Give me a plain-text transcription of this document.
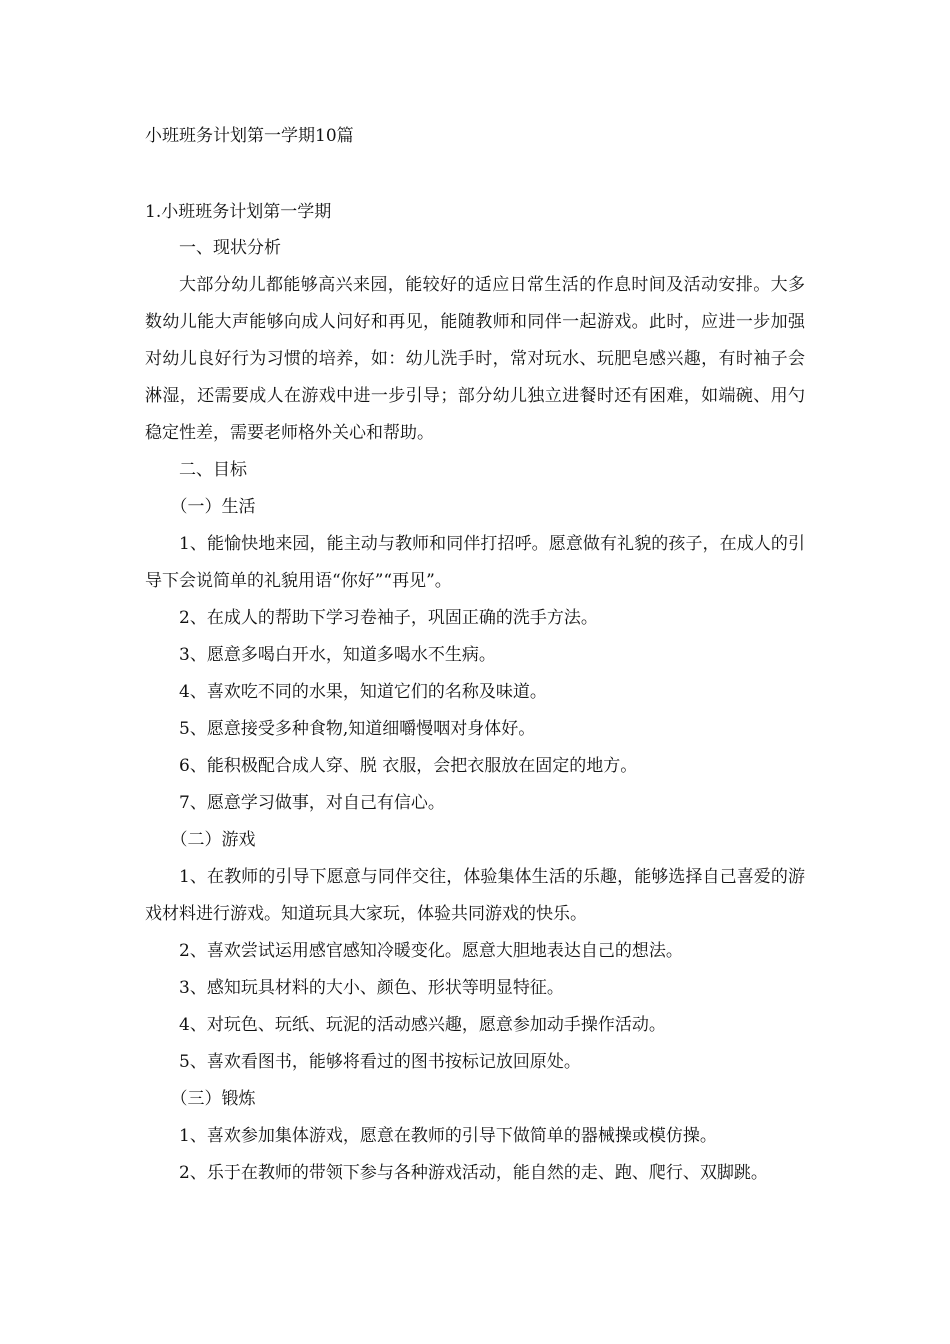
小班班务计划第一学期10篇
1.小班班务计划第一学期

一、现状分析

大部分幼儿都能够高兴来园，能较好的适应日常生活的作息时间及活动安排。大多数幼儿能大声能够向成人问好和再见，能随教师和同伴一起游戏。此时，应进一步加强对幼儿良好行为习惯的培养，如：幼儿洗手时，常对玩水、玩肥皂感兴趣，有时袖子会淋湿，还需要成人在游戏中进一步引导；部分幼儿独立进餐时还有困难，如端碗、用勺稳定性差，需要老师格外关心和帮助。

二、目标

（一）生活

1、能愉快地来园，能主动与教师和同伴打招呼。愿意做有礼貌的孩子，在成人的引导下会说简单的礼貌用语“你好”“再见”。

2、在成人的帮助下学习卷袖子，巩固正确的洗手方法。

3、愿意多喝白开水，知道多喝水不生病。

4、喜欢吃不同的水果，知道它们的名称及味道。

5、愿意接受多种食物,知道细嚼慢咽对身体好。

6、能积极配合成人穿、脱 衣服，会把衣服放在固定的地方。

7、愿意学习做事，对自己有信心。

（二）游戏

1、在教师的引导下愿意与同伴交往，体验集体生活的乐趣，能够选择自己喜爱的游戏材料进行游戏。知道玩具大家玩，体验共同游戏的快乐。

2、喜欢尝试运用感官感知冷暖变化。愿意大胆地表达自己的想法。

3、感知玩具材料的大小、颜色、形状等明显特征。

4、对玩色、玩纸、玩泥的活动感兴趣，愿意参加动手操作活动。

5、喜欢看图书，能够将看过的图书按标记放回原处。

（三）锻炼

1、喜欢参加集体游戏，愿意在教师的引导下做简单的器械操或模仿操。

2、乐于在教师的带领下参与各种游戏活动，能自然的走、跑、爬行、双脚跳。
